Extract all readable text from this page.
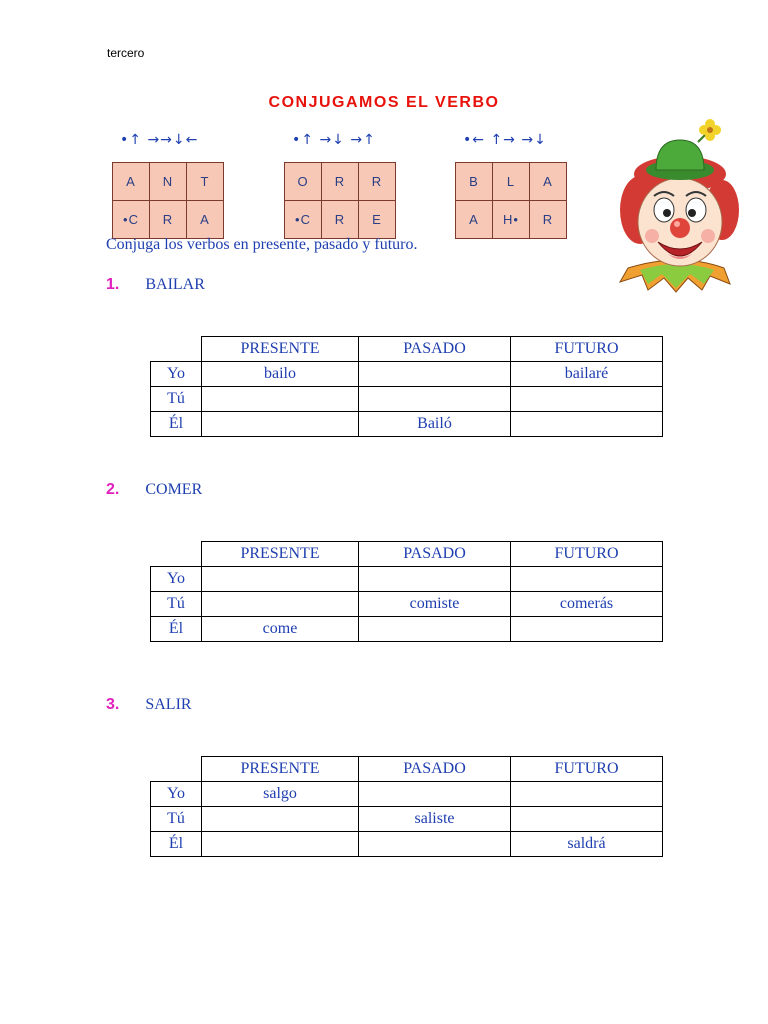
tercero
CONJUGAMOS EL VERBO
•↑ →→↓←
A	N	T
•C	R	A
•↑ →↓ →↑
O	R	R
•C	R	E
•← ↑→ →↓
B	L	A
A	H•	R
Conjuga los verbos en presente, pasado y futuro.
1. BAILAR
	PRESENTE	PASADO	FUTURO
Yo	bailo		bailaré
Tú			
Él		Bailó	
2. COMER
	PRESENTE	PASADO	FUTURO
Yo			
Tú		comiste	comerás
Él	come		
3. SALIR
	PRESENTE	PASADO	FUTURO
Yo	salgo		
Tú		saliste	
Él			saldrá
